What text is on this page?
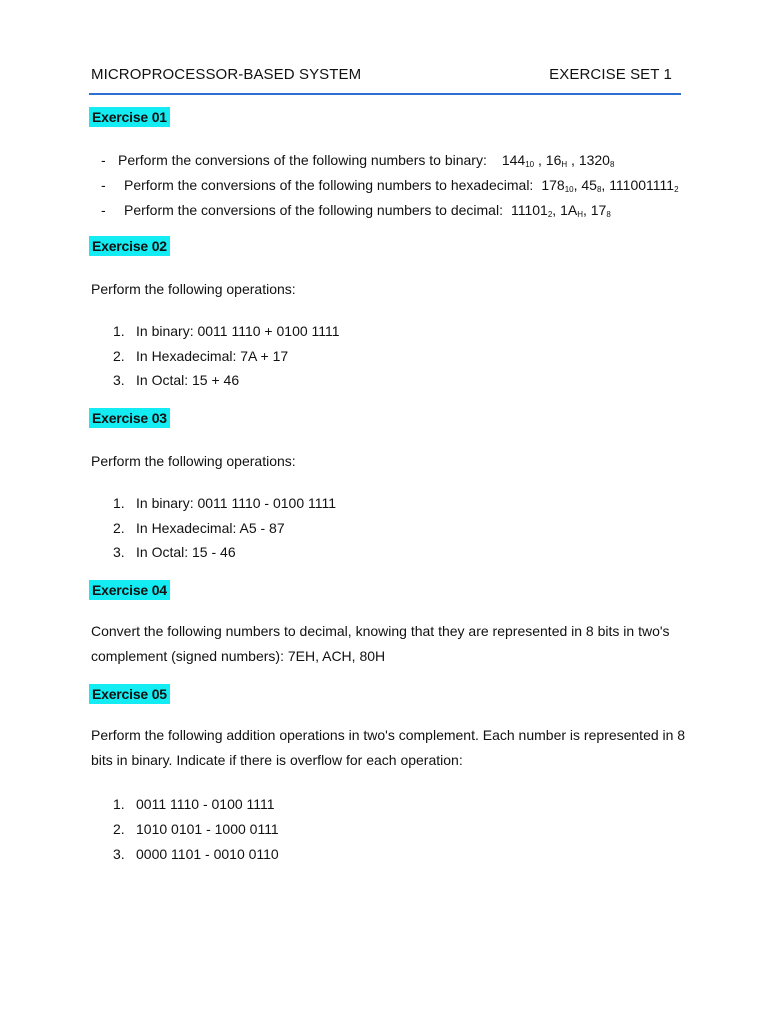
MICROPROCESSOR-BASED SYSTEM	EXERCISE SET 1
Exercise 01
- Perform the conversions of the following numbers to binary: $144_{10}$ , $16_H$ , $1320_8$
- Perform the conversions of the following numbers to hexadecimal: $178_{10}$, $45_8$, $111001111_2$
- Perform the conversions of the following numbers to decimal: $11101_2$, $1A_H$, $17_8$
Exercise 02
Perform the following operations:
1. In binary: 0011 1110 + 0100 1111
2. In Hexadecimal: 7A + 17
3. In Octal: 15 + 46
Exercise 03
Perform the following operations:
1. In binary: 0011 1110 - 0100 1111
2. In Hexadecimal: A5 - 87
3. In Octal: 15 - 46
Exercise 04
Convert the following numbers to decimal, knowing that they are represented in 8 bits in two's complement (signed numbers): 7EH, ACH, 80H
Exercise 05
Perform the following addition operations in two's complement. Each number is represented in 8 bits in binary. Indicate if there is overflow for each operation:
1. 0011 1110 - 0100 1111
2. 1010 0101 - 1000 0111
3. 0000 1101 - 0010 0110
